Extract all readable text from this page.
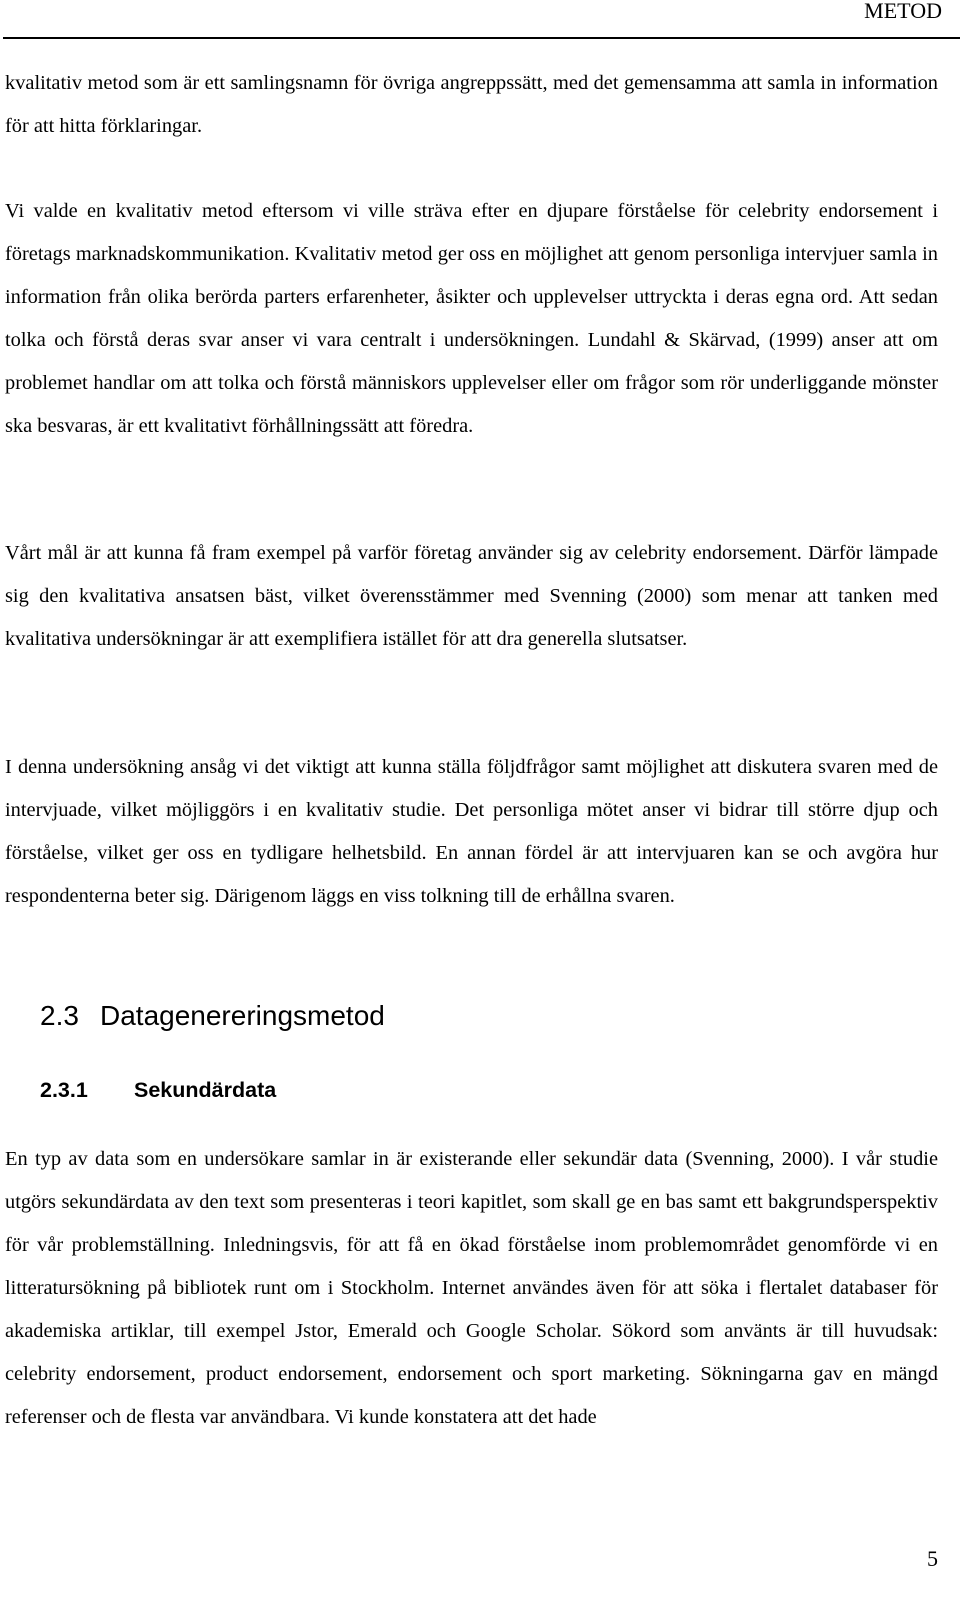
METOD

kvalitativ metod som är ett samlingsnamn för övriga angreppssätt, med det gemensamma att samla in information för att hitta förklaringar.

Vi valde en kvalitativ metod eftersom vi ville sträva efter en djupare förståelse för celebrity endorsement i företags marknadskommunikation. Kvalitativ metod ger oss en möjlighet att genom personliga intervjuer samla in information från olika berörda parters erfarenheter, åsikter och upplevelser uttryckta i deras egna ord. Att sedan tolka och förstå deras svar anser vi vara centralt i undersökningen. Lundahl & Skärvad, (1999) anser att om problemet handlar om att tolka och förstå människors upplevelser eller om frågor som rör underliggande mönster ska besvaras, är ett kvalitativt förhållningssätt att föredra.

Vårt mål är att kunna få fram exempel på varför företag använder sig av celebrity endorsement. Därför lämpade sig den kvalitativa ansatsen bäst, vilket överensstämmer med Svenning (2000) som menar att tanken med kvalitativa undersökningar är att exemplifiera istället för att dra generella slutsatser.

I denna undersökning ansåg vi det viktigt att kunna ställa följdfrågor samt möjlighet att diskutera svaren med de intervjuade, vilket möjliggörs i en kvalitativ studie. Det personliga mötet anser vi bidrar till större djup och förståelse, vilket ger oss en tydligare helhetsbild. En annan fördel är att intervjuaren kan se och avgöra hur respondenterna beter sig. Därigenom läggs en viss tolkning till de erhållna svaren.

2.3 Datagenereringsmetod
2.3.1 Sekundärdata

En typ av data som en undersökare samlar in är existerande eller sekundär data (Svenning, 2000). I vår studie utgörs sekundärdata av den text som presenteras i teori kapitlet, som skall ge en bas samt ett bakgrundsperspektiv för vår problemställning. Inledningsvis, för att få en ökad förståelse inom problemområdet genomförde vi en litteratursökning på bibliotek runt om i Stockholm. Internet användes även för att söka i flertalet databaser för akademiska artiklar, till exempel Jstor, Emerald och Google Scholar. Sökord som använts är till huvudsak: celebrity endorsement, product endorsement, endorsement och sport marketing. Sökningarna gav en mängd referenser och de flesta var användbara. Vi kunde konstatera att det hade

5
